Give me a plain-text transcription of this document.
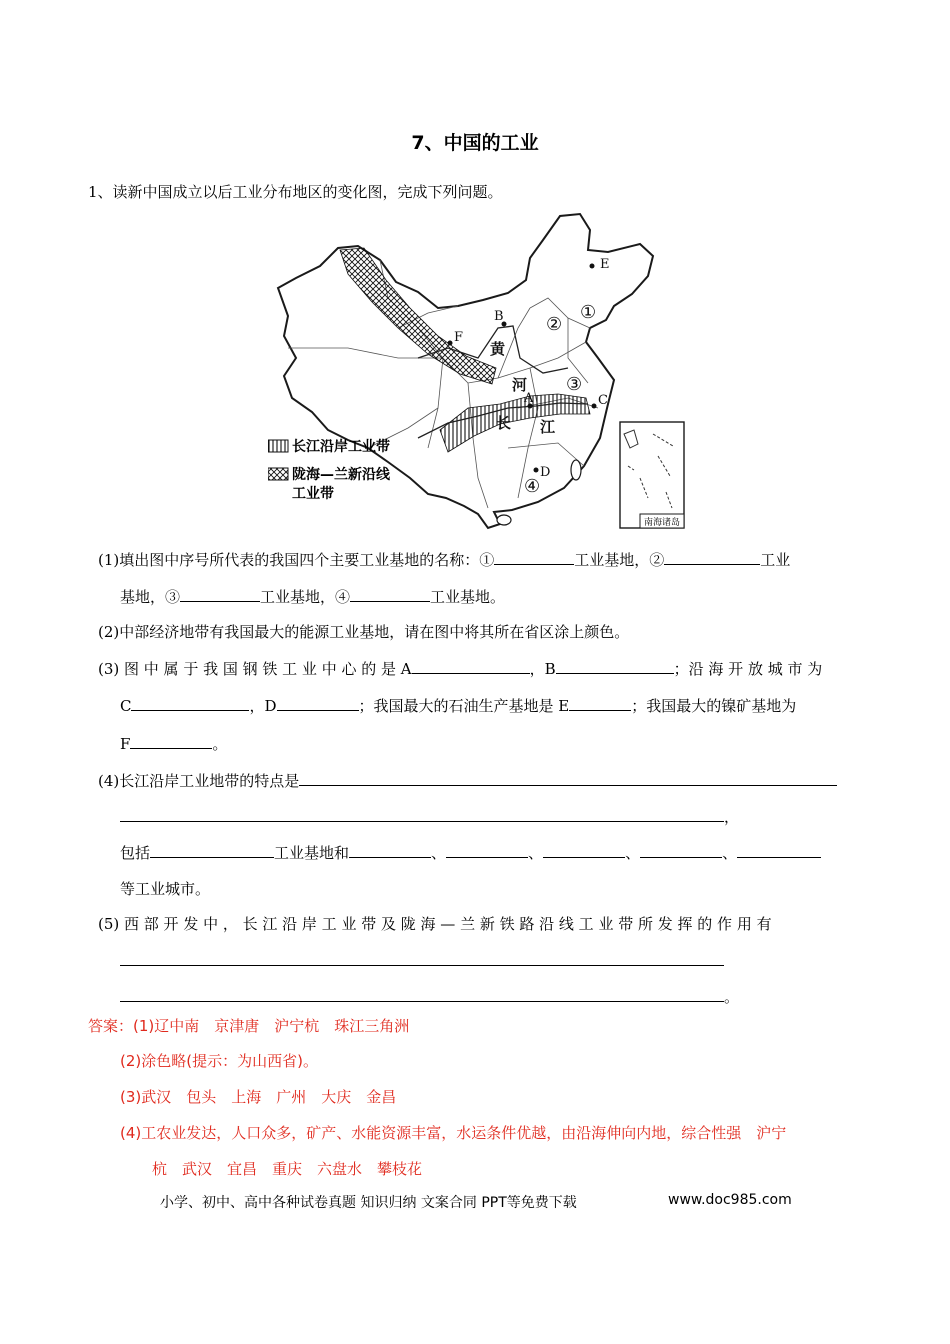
7、中国的工业
1、读新中国成立以后工业分布地区的变化图，完成下列问题。
南海诸岛
E
B
F
A	C
D
①
②
③
④
黄
河
长 江
长江沿岸工业带
陇海—兰新沿线
工业带
(1)填出图中序号所代表的我国四个主要工业基地的名称：①	工业基地，②	工业
基地，③	工业基地，④	工业基地。
(2)中部经济地带有我国最大的能源工业基地，请在图中将其所在省区涂上颜色。
(3) 图 中 属 于 我 国 钢 铁 工 业 中 心 的 是 A	，B	；沿 海 开 放 城 市 为
C	，D	；我国最大的石油生产基地是 E	；我国最大的镍矿基地为
F	。
(4)长江沿岸工业地带的特点是
，
包括	工业基地和	、	、	、	、
等工业城市。
(5) 西 部 开 发 中 ， 长 江 沿 岸 工 业 带 及 陇 海 — 兰 新 铁 路 沿 线 工 业 带 所 发 挥 的 作 用 有
。
答案：(1)辽中南　京津唐　沪宁杭　珠江三角洲
(2)涂色略(提示：为山西省)。
(3)武汉　包头　上海　广州　大庆　金昌
(4)工农业发达，人口众多，矿产、水能资源丰富，水运条件优越，由沿海伸向内地，综合性强　沪宁
杭　武汉　宜昌　重庆　六盘水　攀枝花
小学、初中、高中各种试卷真题 知识归纳 文案合同 PPT等免费下载	www.doc985.com
